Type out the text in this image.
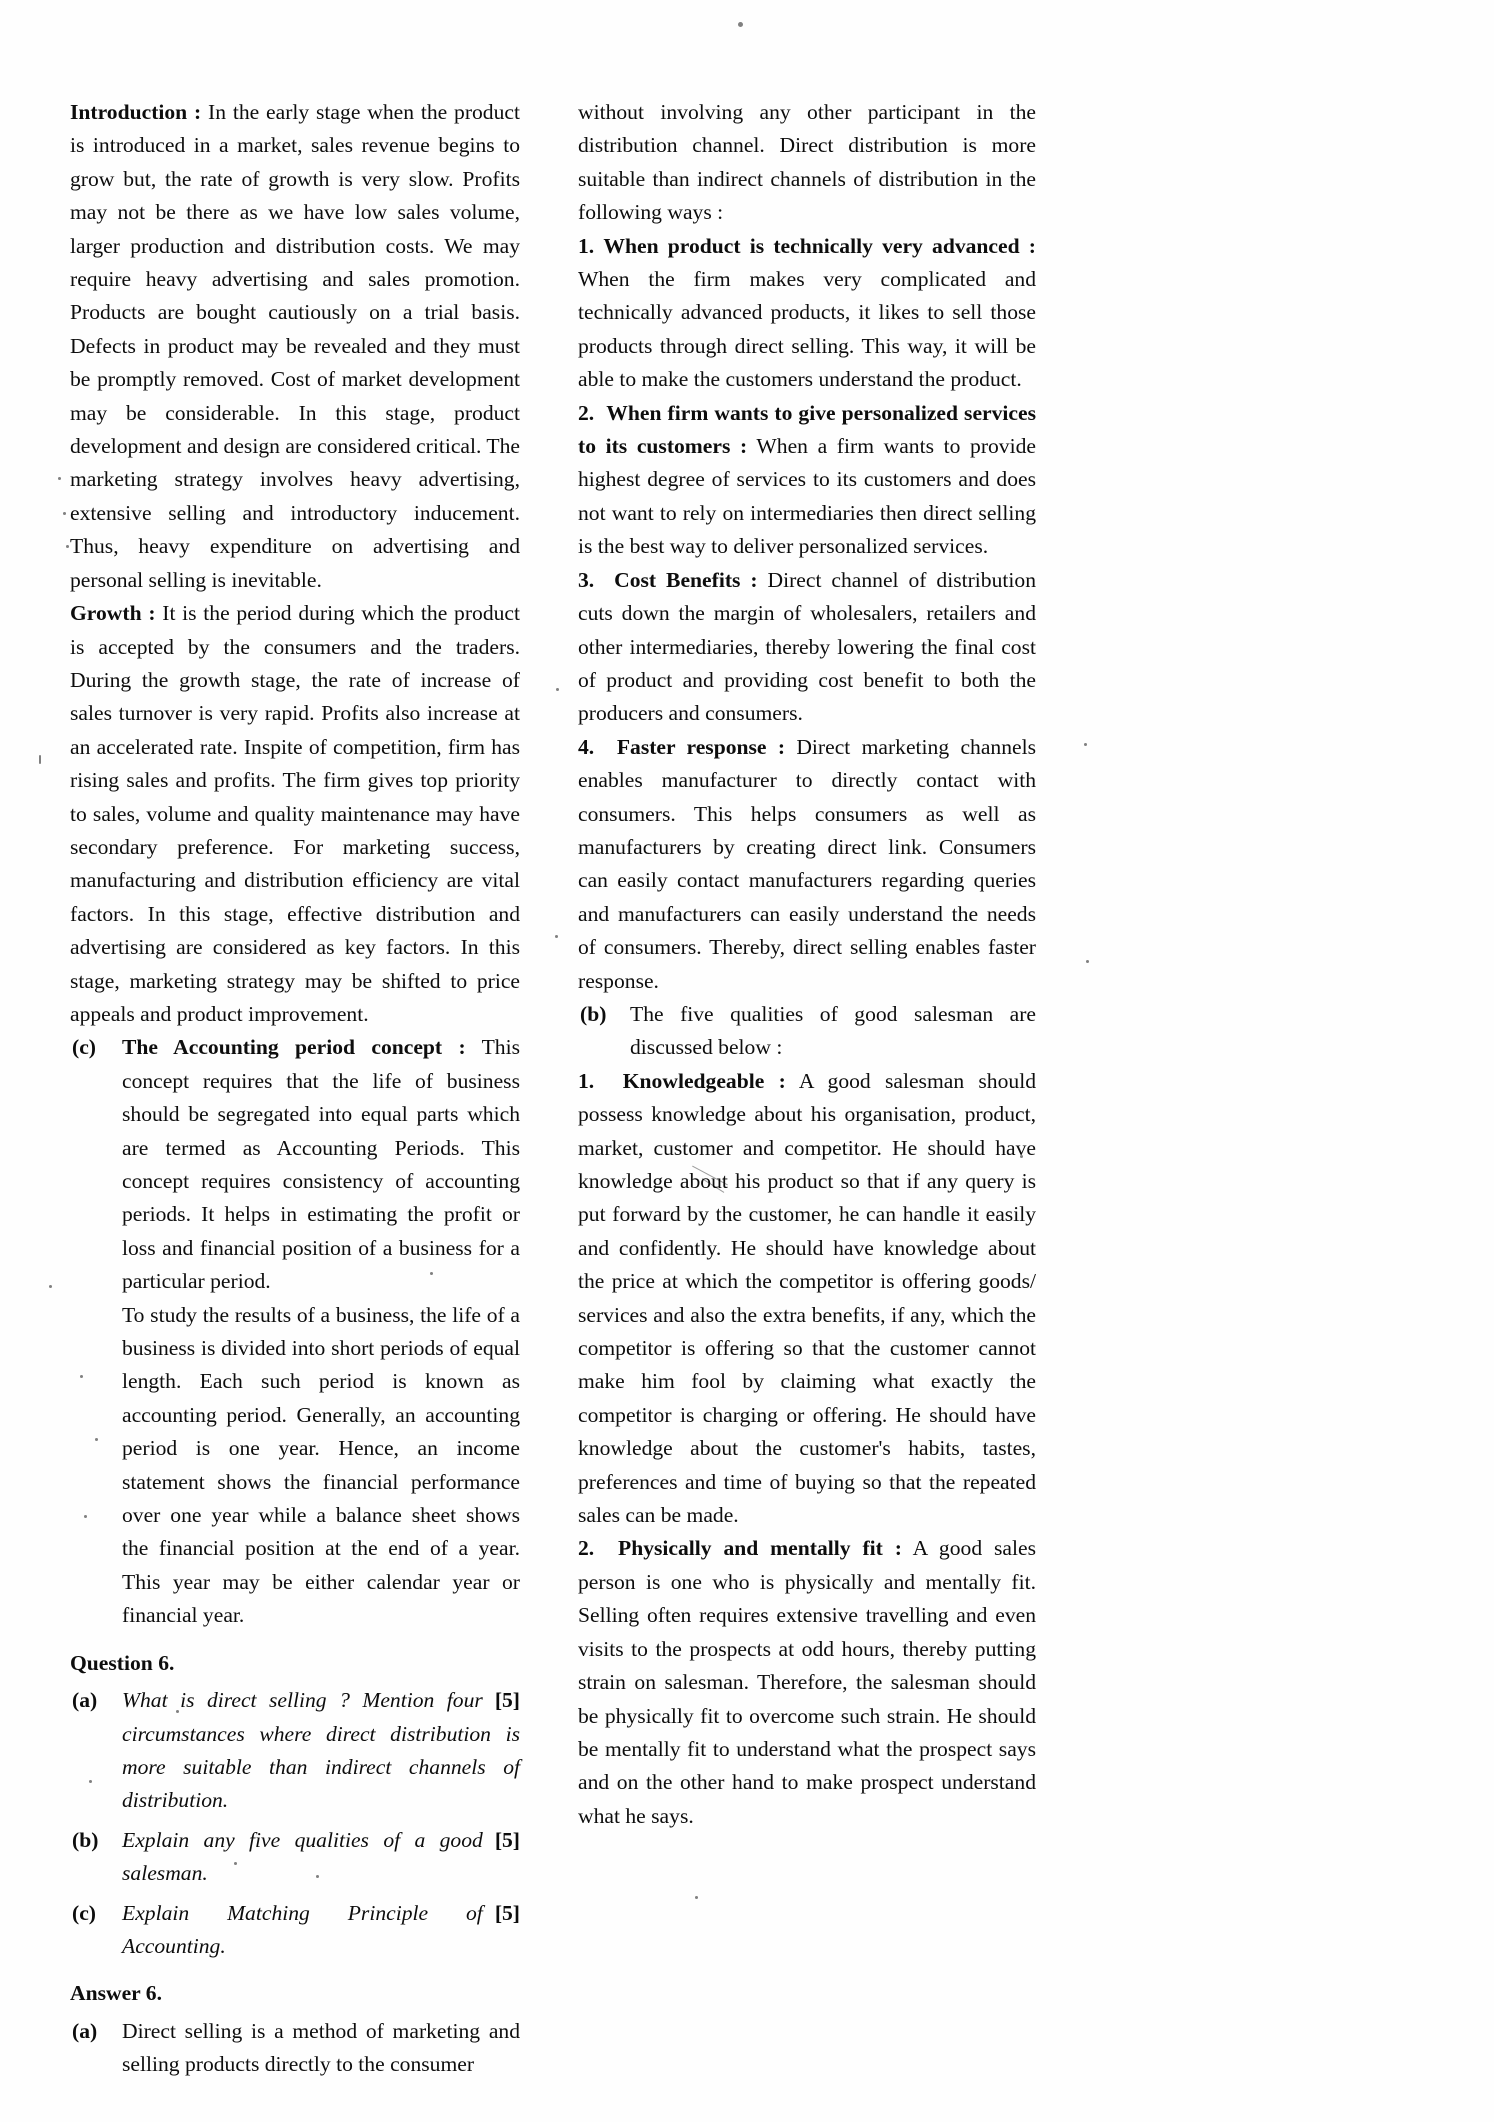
Introduction : In the early stage when the product is introduced in a market, sales revenue begins to grow but, the rate of growth is very slow. Profits may not be there as we have low sales volume, larger production and distribution costs. We may require heavy advertising and sales promotion. Products are bought cautiously on a trial basis. Defects in product may be revealed and they must be promptly removed. Cost of market development may be considerable. In this stage, product development and design are considered critical. The marketing strategy involves heavy advertising, extensive selling and introductory inducement. Thus, heavy expenditure on advertising and personal selling is inevitable.

Growth : It is the period during which the product is accepted by the consumers and the traders. During the growth stage, the rate of increase of sales turnover is very rapid. Profits also increase at an accelerated rate. Inspite of competition, firm has rising sales and profits. The firm gives top priority to sales, volume and quality maintenance may have secondary preference. For marketing success, manufacturing and distribution efficiency are vital factors. In this stage, effective distribution and advertising are considered as key factors. In this stage, marketing strategy may be shifted to price appeals and product improvement.

(c)	The Accounting period concept : This concept requires that the life of business should be segregated into equal parts which are termed as Accounting Periods. This concept requires consistency of accounting periods. It helps in estimating the profit or loss and financial position of a business for a particular period.
To study the results of a business, the life of a business is divided into short periods of equal length. Each such period is known as accounting period. Generally, an accounting period is one year. Hence, an income statement shows the financial performance over one year while a balance sheet shows the financial position at the end of a year. This year may be either calendar year or financial year.
Question 6.
(a)	[5]
What is direct selling ? Mention four circumstances where direct distribution is more suitable than indirect channels of distribution.
(b)	[5]
Explain any five qualities of a good salesman.
(c)	[5]
Explain Matching Principle of Accounting.
Answer 6.
(a)	Direct selling is a method of marketing and selling products directly to the consumer

without involving any other participant in the distribution channel. Direct distribution is more suitable than indirect channels of distribution in the following ways :

1. When product is technically very advanced : When the firm makes very complicated and technically advanced products, it likes to sell those products through direct selling. This way, it will be able to make the customers understand the product.

2. When firm wants to give personalized services to its customers : When a firm wants to provide highest degree of services to its customers and does not want to rely on intermediaries then direct selling is the best way to deliver personalized services.

3. Cost Benefits : Direct channel of distribution cuts down the margin of wholesalers, retailers and other intermediaries, thereby lowering the final cost of product and providing cost benefit to both the producers and consumers.

4. Faster response : Direct marketing channels enables manufacturer to directly contact with consumers. This helps consumers as well as manufacturers by creating direct link. Consumers can easily contact manufacturers regarding queries and manufacturers can easily understand the needs of consumers. Thereby, direct selling enables faster response.

(b)	The five qualities of good salesman are discussed below :

1. Knowledgeable : A good salesman should possess knowledge about his organisation, product, market, customer and competitor. He should have knowledge about his product so that if any query is put forward by the customer, he can handle it easily and confidently. He should have knowledge about the price at which the competitor is offering goods/ services and also the extra benefits, if any, which the competitor is offering so that the customer cannot make him fool by claiming what exactly the competitor is charging or offering. He should have knowledge about the customer's habits, tastes, preferences and time of buying so that the repeated sales can be made.

2. Physically and mentally fit : A good sales person is one who is physically and mentally fit. Selling often requires extensive travelling and even visits to the prospects at odd hours, thereby putting strain on salesman. Therefore, the salesman should be physically fit to overcome such strain. He should be mentally fit to understand what the prospect says and on the other hand to make prospect understand what he says.
